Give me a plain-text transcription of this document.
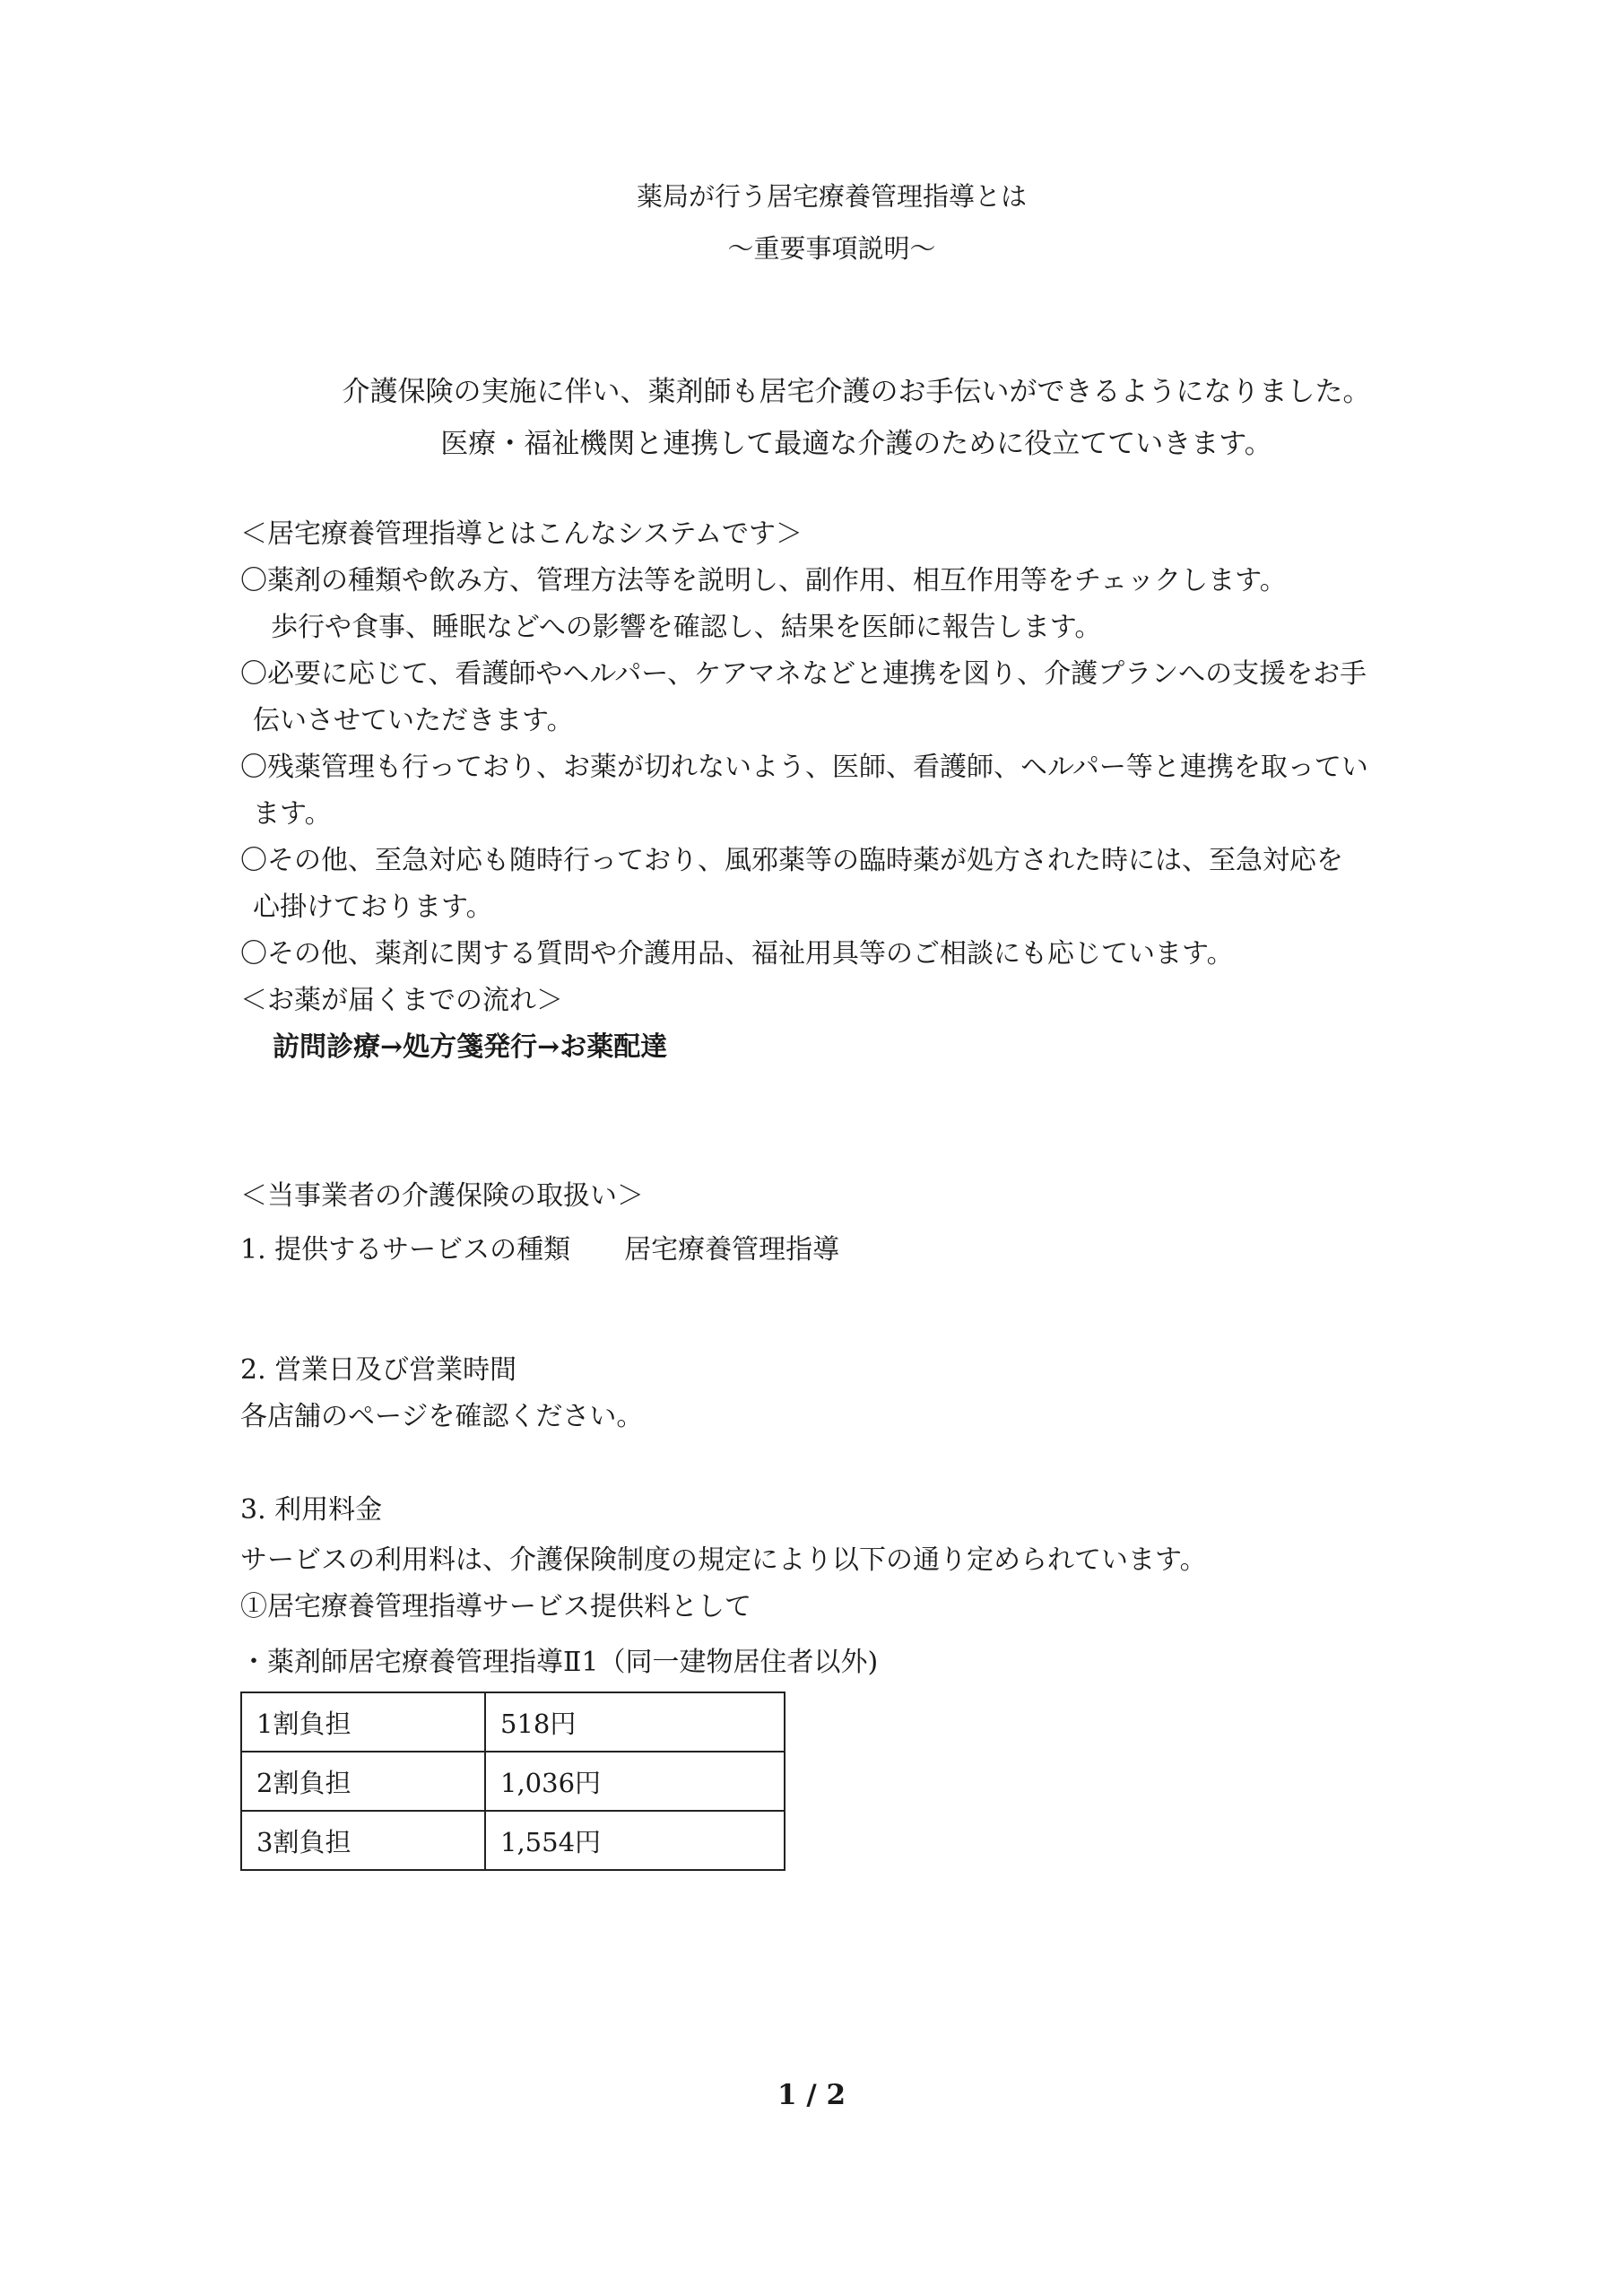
薬局が行う居宅療養管理指導とは
～重要事項説明～
介護保険の実施に伴い、薬剤師も居宅介護のお手伝いができるようになりました。
医療・福祉機関と連携して最適な介護のために役立てていきます。
＜居宅療養管理指導とはこんなシステムです＞
〇薬剤の種類や飲み方、管理方法等を説明し、副作用、相互作用等をチェックします。
歩行や食事、睡眠などへの影響を確認し、結果を医師に報告します。
〇必要に応じて、看護師やヘルパー、ケアマネなどと連携を図り、介護プランへの支援をお手
伝いさせていただきます。
〇残薬管理も行っており、お薬が切れないよう、医師、看護師、ヘルパー等と連携を取ってい
ます。
〇その他、至急対応も随時行っており、風邪薬等の臨時薬が処方された時には、至急対応を
心掛けております。
〇その他、薬剤に関する質問や介護用品、福祉用具等のご相談にも応じています。
＜お薬が届くまでの流れ＞
訪問診療→処方箋発行→お薬配達
＜当事業者の介護保険の取扱い＞
1. 提供するサービスの種類　　居宅療養管理指導
2. 営業日及び営業時間
各店舗のページを確認ください。
3. 利用料金
サービスの利用料は、介護保険制度の規定により以下の通り定められています。
①居宅療養管理指導サービス提供料として
・薬剤師居宅療養管理指導Ⅱ1（同一建物居住者以外)
1割負担	518円
2割負担	1,036円
3割負担	1,554円
1 / 2
